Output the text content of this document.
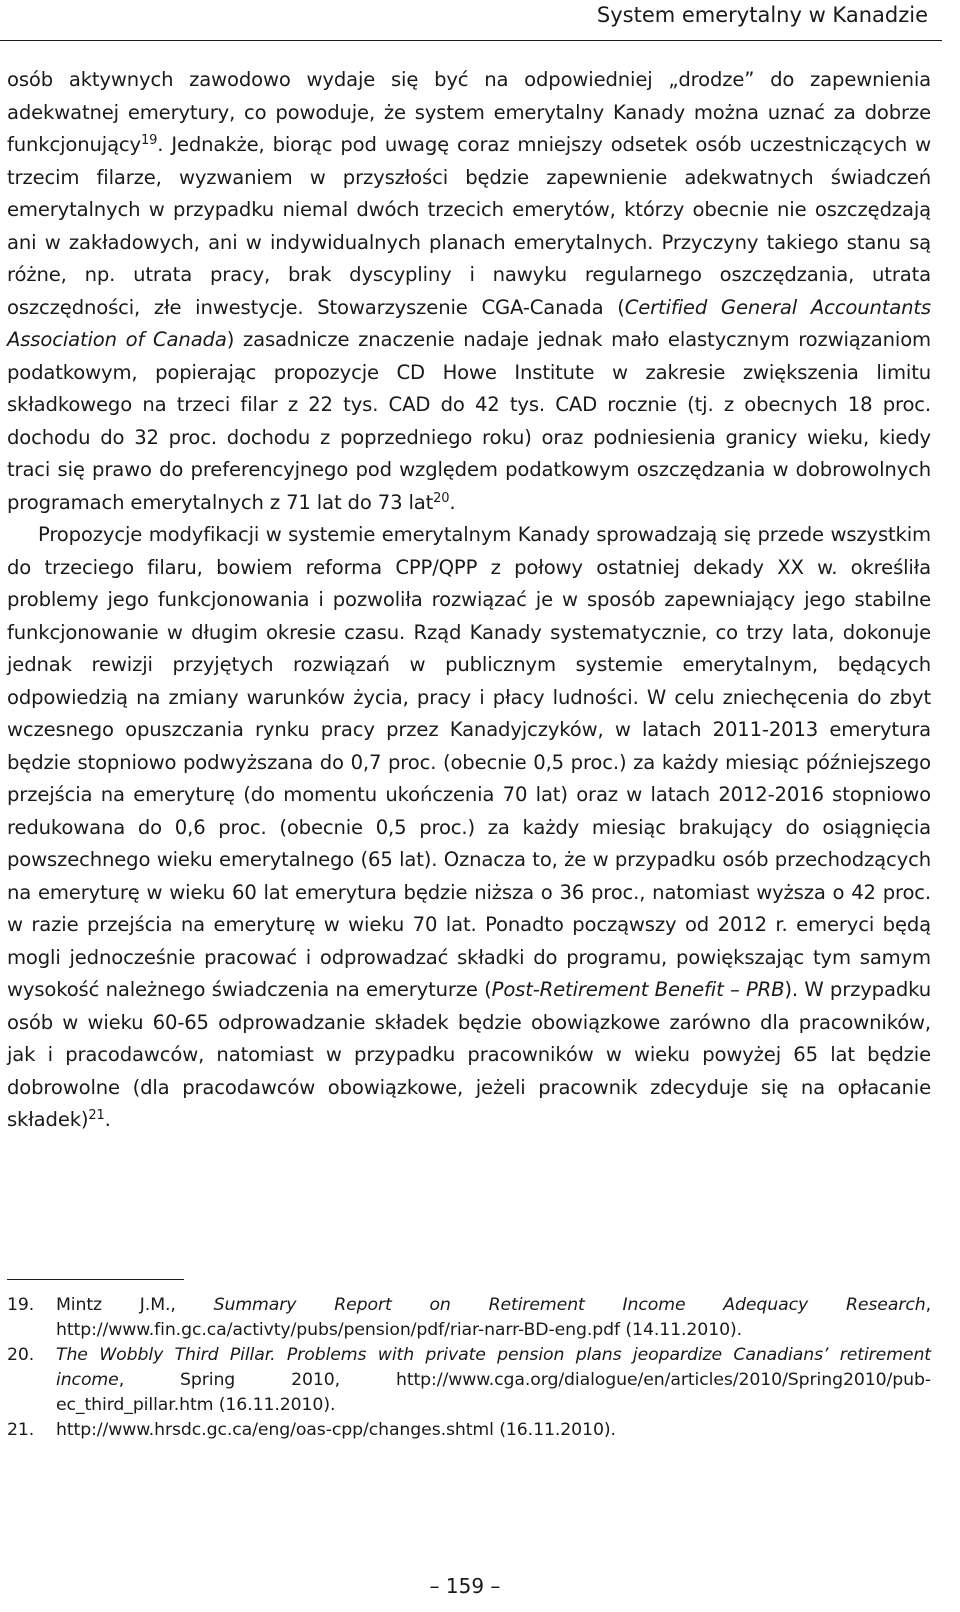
System emerytalny w Kanadzie

osób aktywnych zawodowo wydaje się być na odpowiedniej „drodze” do zapewnienia adekwatnej emerytury, co powoduje, że system emerytalny Kanady można uznać za dobrze funkcjonujący$^{19}$. Jednakże, biorąc pod uwagę coraz mniejszy odsetek osób uczestniczących w trzecim filarze, wyzwaniem w przyszłości będzie zapewnienie adekwatnych świadczeń emerytalnych w przypadku niemal dwóch trzecich emerytów, którzy obecnie nie oszczędzają ani w zakładowych, ani w indywidualnych planach emerytalnych. Przyczyny takiego stanu są różne, np. utrata pracy, brak dyscypliny i nawyku regularnego oszczędzania, utrata oszczędności, złe inwestycje. Stowarzyszenie CGA-Canada (Certified General Accountants Association of Canada) zasadnicze znaczenie nadaje jednak mało elastycznym rozwiązaniom podatkowym, popierając propozycje CD Howe Institute w zakresie zwiększenia limitu składkowego na trzeci filar z 22 tys. CAD do 42 tys. CAD rocznie (tj. z obecnych 18 proc. dochodu do 32 proc. dochodu z poprzedniego roku) oraz podniesienia granicy wieku, kiedy traci się prawo do preferencyjnego pod względem podatkowym oszczędzania w dobrowolnych programach emerytalnych z 71 lat do 73 lat$^{20}$.

Propozycje modyfikacji w systemie emerytalnym Kanady sprowadzają się przede wszystkim do trzeciego filaru, bowiem reforma CPP/QPP z połowy ostatniej dekady XX w. określiła problemy jego funkcjonowania i pozwoliła rozwiązać je w sposób zapewniający jego stabilne funkcjonowanie w długim okresie czasu. Rząd Kanady systematycznie, co trzy lata, dokonuje jednak rewizji przyjętych rozwiązań w publicznym systemie emerytalnym, będących odpowiedzią na zmiany warunków życia, pracy i płacy ludności. W celu zniechęcenia do zbyt wczesnego opuszczania rynku pracy przez Kanadyjczyków, w latach 2011-2013 emerytura będzie stopniowo podwyższana do 0,7 proc. (obecnie 0,5 proc.) za każdy miesiąc późniejszego przejścia na emeryturę (do momentu ukończenia 70 lat) oraz w latach 2012-2016 stopniowo redukowana do 0,6 proc. (obecnie 0,5 proc.) za każdy miesiąc brakujący do osiągnięcia powszechnego wieku emerytalnego (65 lat). Oznacza to, że w przypadku osób przechodzących na emeryturę w wieku 60 lat emerytura będzie niższa o 36 proc., natomiast wyższa o 42 proc. w razie przejścia na emeryturę w wieku 70 lat. Ponadto począwszy od 2012 r. emeryci będą mogli jednocześnie pracować i odprowadzać składki do programu, powiększając tym samym wysokość należnego świadczenia na emeryturze (Post-Retirement Benefit – PRB). W przypadku osób w wieku 60-65 odprowadzanie składek będzie obowiązkowe zarówno dla pracowników, jak i pracodawców, natomiast w przypadku pracowników w wieku powyżej 65 lat będzie dobrowolne (dla pracodawców obowiązkowe, jeżeli pracownik zdecyduje się na opłacanie składek)$^{21}$.

19. Mintz J.M., Summary Report on Retirement Income Adequacy Research, http://www.fin.gc.ca/activty/pubs/pension/pdf/riar-narr-BD-eng.pdf (14.11.2010).
20. The Wobbly Third Pillar. Problems with private pension plans jeopardize Canadians’ retirement income, Spring 2010, http://www.cga.org/dialogue/en/articles/2010/Spring2010/pub-ec_third_pillar.htm (16.11.2010).
21. http://www.hrsdc.gc.ca/eng/oas-cpp/changes.shtml (16.11.2010).
– 159 –
